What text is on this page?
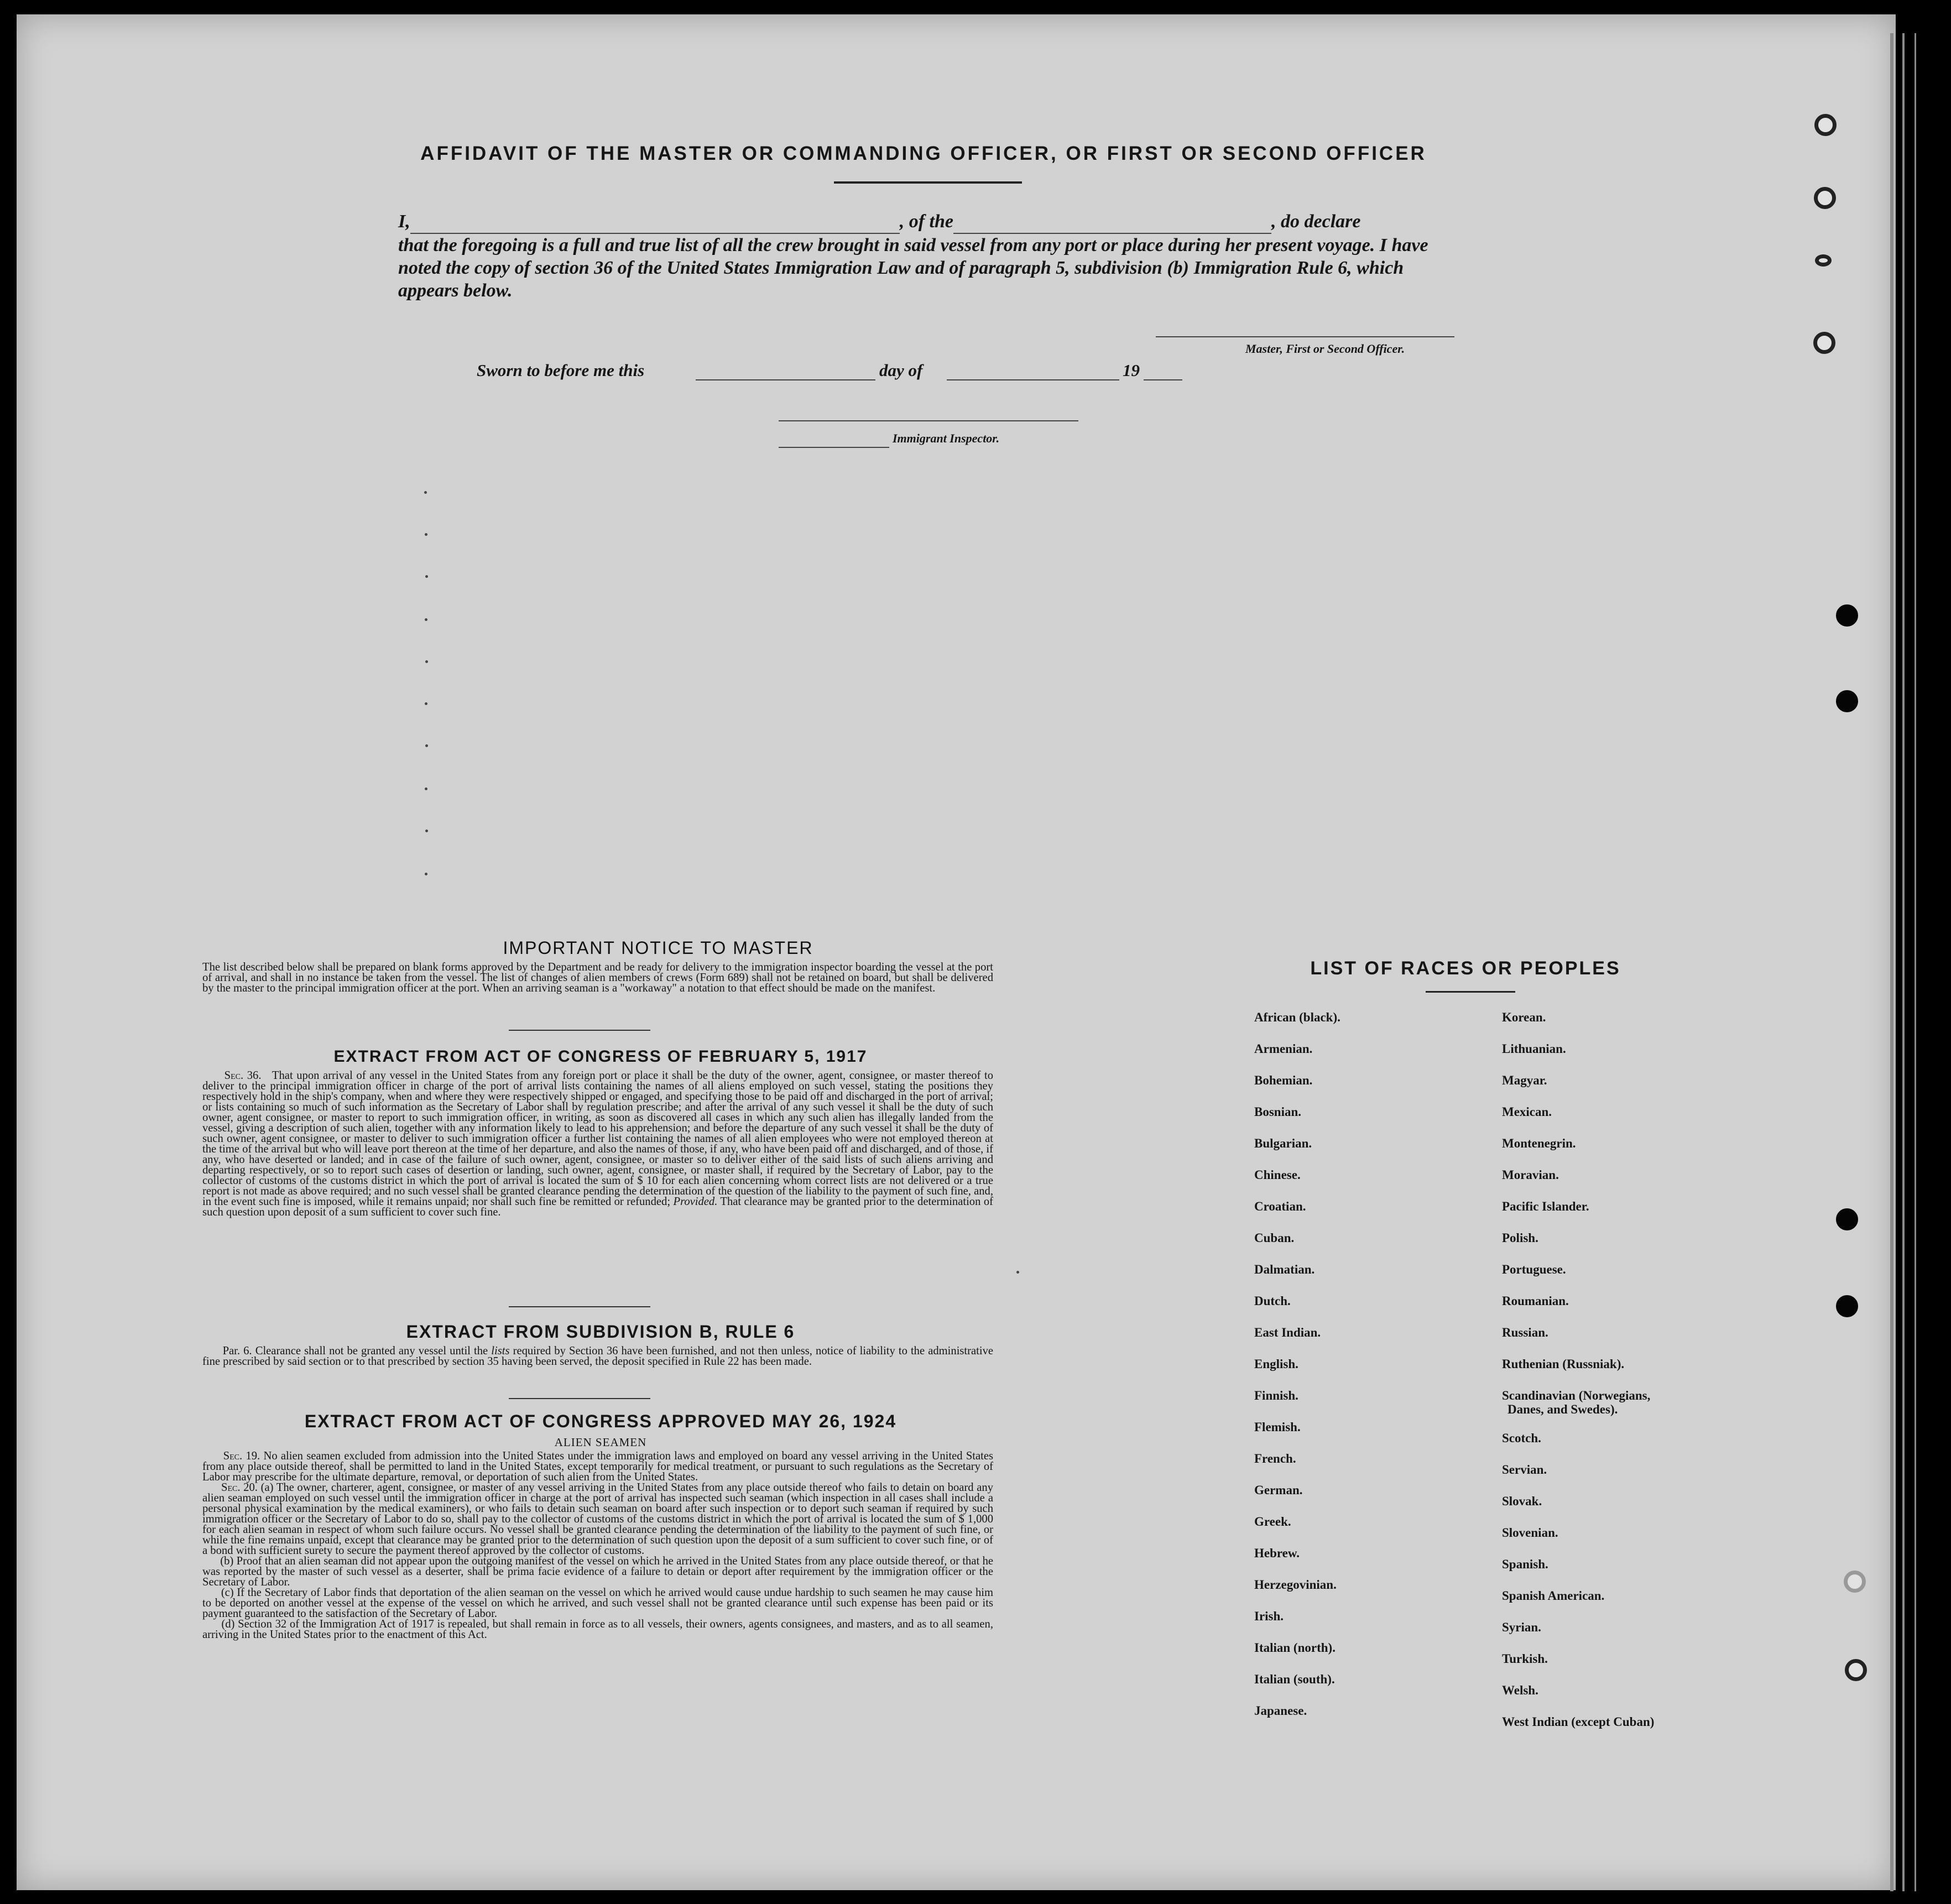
AFFIDAVIT OF THE MASTER OR COMMANDING OFFICER, OR FIRST OR SECOND OFFICER
I,	, of the	, do declare
that the foregoing is a full and true list of all the crew brought in said vessel from any port or place during her present voyage. I have noted the copy of section 36 of the United States Immigration Law and of paragraph 5, subdivision (b) Immigration Rule 6, which appears below.
Master, First or Second Officer.
Sworn to before me this	day of	19
Immigrant Inspector.
IMPORTANT NOTICE TO MASTER
The list described below shall be prepared on blank forms approved by the Department and be ready for delivery to the immigration inspector boarding the vessel at the port of arrival, and shall in no instance be taken from the vessel. The list of changes of alien members of crews (Form 689) shall not be retained on board, but shall be delivered by the master to the principal immigration officer at the port. When an arriving seaman is a "workaway" a notation to that effect should be made on the manifest.
EXTRACT FROM ACT OF CONGRESS OF FEBRUARY 5, 1917
Sec. 36. That upon arrival of any vessel in the United States from any foreign port or place it shall be the duty of the owner, agent, consignee, or master thereof to deliver to the principal immigration officer in charge of the port of arrival lists containing the names of all aliens employed on such vessel, stating the positions they respectively hold in the ship's company, when and where they were respectively shipped or engaged, and specifying those to be paid off and discharged in the port of arrival; or lists containing so much of such information as the Secretary of Labor shall by regulation prescribe; and after the arrival of any such vessel it shall be the duty of such owner, agent consignee, or master to report to such immigration officer, in writing, as soon as discovered all cases in which any such alien has illegally landed from the vessel, giving a description of such alien, together with any information likely to lead to his apprehension; and before the departure of any such vessel it shall be the duty of such owner, agent consignee, or master to deliver to such immigration officer a further list containing the names of all alien employees who were not employed thereon at the time of the arrival but who will leave port thereon at the time of her departure, and also the names of those, if any, who have been paid off and discharged, and of those, if any, who have deserted or landed; and in case of the failure of such owner, agent, consignee, or master so to deliver either of the said lists of such aliens arriving and departing respectively, or so to report such cases of desertion or landing, such owner, agent, consignee, or master shall, if required by the Secretary of Labor, pay to the collector of customs of the customs district in which the port of arrival is located the sum of $ 10 for each alien concerning whom correct lists are not delivered or a true report is not made as above required; and no such vessel shall be granted clearance pending the determination of the question of the liability to the payment of such fine, and, in the event such fine is imposed, while it remains unpaid; nor shall such fine be remitted or refunded; Provided. That clearance may be granted prior to the determination of such question upon deposit of a sum sufficient to cover such fine.
EXTRACT FROM SUBDIVISION B, RULE 6
Par. 6. Clearance shall not be granted any vessel until the lists required by Section 36 have been furnished, and not then unless, notice of liability to the administrative fine prescribed by said section or to that prescribed by section 35 having been served, the deposit specified in Rule 22 has been made.
EXTRACT FROM ACT OF CONGRESS APPROVED MAY 26, 1924
ALIEN SEAMEN
Sec. 19. No alien seamen excluded from admission into the United States under the immigration laws and employed on board any vessel arriving in the United States from any place outside thereof, shall be permitted to land in the United States, except temporarily for medical treatment, or pursuant to such regulations as the Secretary of Labor may prescribe for the ultimate departure, removal, or deportation of such alien from the United States.
Sec. 20. (a) The owner, charterer, agent, consignee, or master of any vessel arriving in the United States from any place outside thereof who fails to detain on board any alien seaman employed on such vessel until the immigration officer in charge at the port of arrival has inspected such seaman (which inspection in all cases shall include a personal physical examination by the medical examiners), or who fails to detain such seaman on board after such inspection or to deport such seaman if required by such immigration officer or the Secretary of Labor to do so, shall pay to the collector of customs of the customs district in which the port of arrival is located the sum of $ 1,000 for each alien seaman in respect of whom such failure occurs. No vessel shall be granted clearance pending the determination of the liability to the payment of such fine, or while the fine remains unpaid, except that clearance may be granted prior to the determination of such question upon the deposit of a sum sufficient to cover such fine, or of a bond with sufficient surety to secure the payment thereof approved by the collector of customs.
(b) Proof that an alien seaman did not appear upon the outgoing manifest of the vessel on which he arrived in the United States from any place outside thereof, or that he was reported by the master of such vessel as a deserter, shall be prima facie evidence of a failure to detain or deport after requirement by the immigration officer or the Secretary of Labor.
(c) If the Secretary of Labor finds that deportation of the alien seaman on the vessel on which he arrived would cause undue hardship to such seamen he may cause him to be deported on another vessel at the expense of the vessel on which he arrived, and such vessel shall not be granted clearance until such expense has been paid or its payment guaranteed to the satisfaction of the Secretary of Labor.
(d) Section 32 of the Immigration Act of 1917 is repealed, but shall remain in force as to all vessels, their owners, agents consignees, and masters, and as to all seamen, arriving in the United States prior to the enactment of this Act.
LIST OF RACES OR PEOPLES
African (black).
Armenian.
Bohemian.
Bosnian.
Bulgarian.
Chinese.
Croatian.
Cuban.
Dalmatian.
Dutch.
East Indian.
English.
Finnish.
Flemish.
French.
German.
Greek.
Hebrew.
Herzegovinian.
Irish.
Italian (north).
Italian (south).
Japanese.
Korean.
Lithuanian.
Magyar.
Mexican.
Montenegrin.
Moravian.
Pacific Islander.
Polish.
Portuguese.
Roumanian.
Russian.
Ruthenian (Russniak).
Scandinavian (Norwegians,
Danes, and Swedes).
Scotch.
Servian.
Slovak.
Slovenian.
Spanish.
Spanish American.
Syrian.
Turkish.
Welsh.
West Indian (except Cuban)
